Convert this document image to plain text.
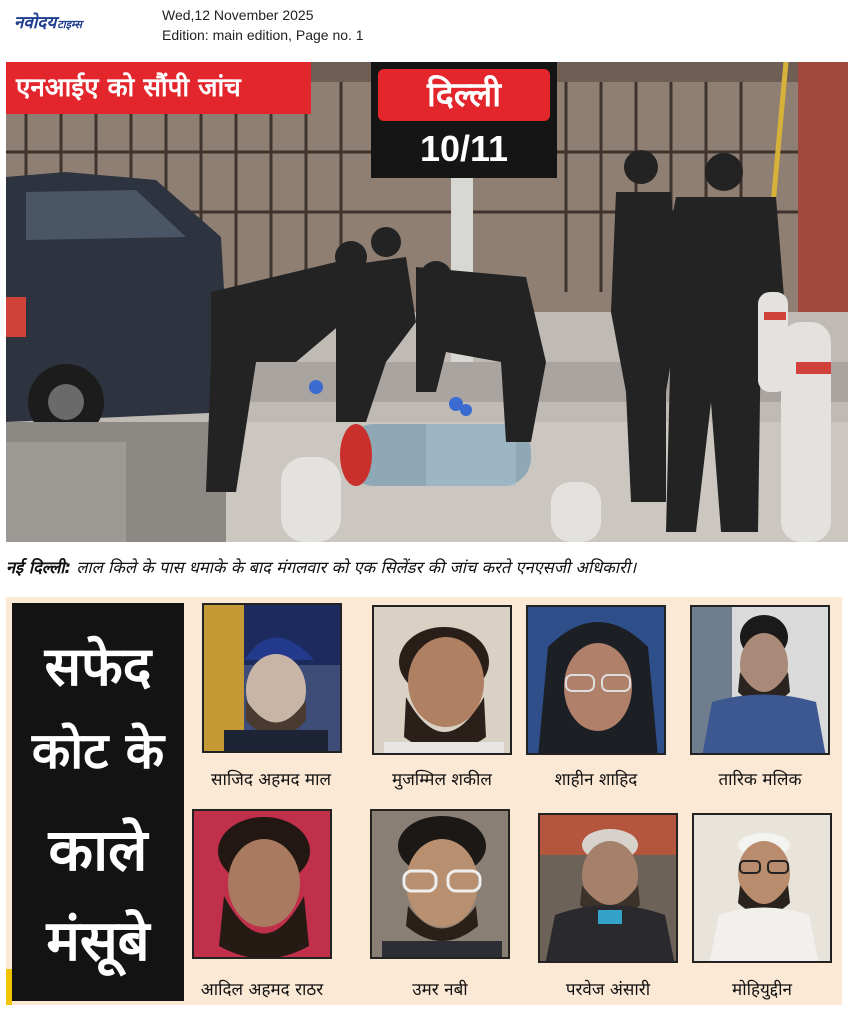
नवोदयटाइम्स
Wed,12 November 2025
Edition: main edition, Page no. 1
एनआईए को सौंपी जांच	दिल्ली
10/11
नई दिल्ली: लाल किले के पास धमाके के बाद मंगलवार को एक सिलेंडर की जांच करते एनएसजी अधिकारी।
सफेद
कोट के
काले
मंसूबे
साजिद अहमद माल	मुजम्मिल शकील	शाहीन शाहिद	तारिक मलिक
आदिल अहमद राठर	उमर नबी	परवेज अंसारी	मोहियुद्दीन
